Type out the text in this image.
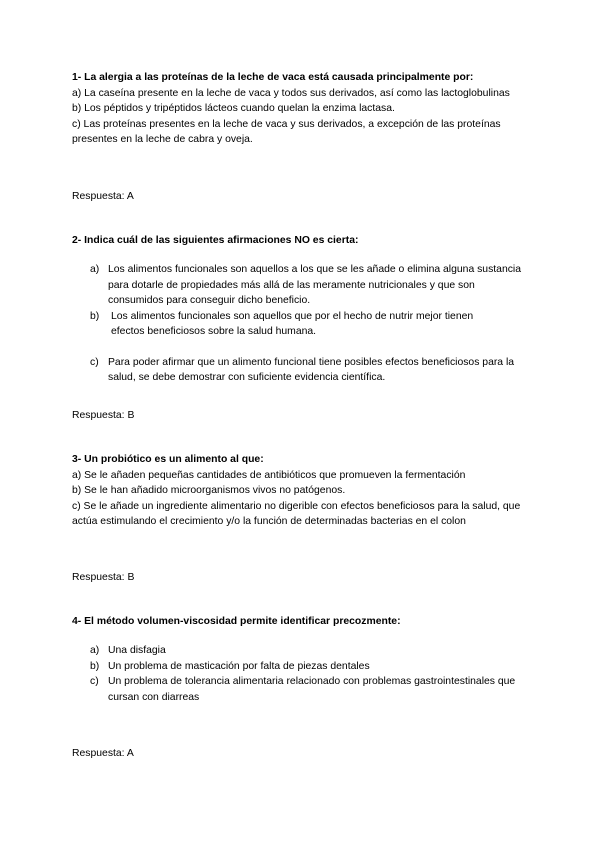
1- La alergia a las proteínas de la leche de vaca está causada principalmente por:

a) La caseína presente en la leche de vaca y todos sus derivados, así como las lactoglobulinas

b) Los péptidos y tripéptidos lácteos cuando quelan la enzima lactasa.

c) Las proteínas presentes en la leche de vaca y sus derivados, a excepción de las proteínas presentes en la leche de cabra y oveja.

Respuesta: A

2- Indica cuál de las siguientes afirmaciones NO es cierta:

a) Los alimentos funcionales son aquellos a los que se les añade o elimina alguna sustancia para dotarle de propiedades más allá de las meramente nutricionales y que son consumidos para conseguir dicho beneficio.
b)	Los alimentos funcionales son aquellos que por el hecho de nutrir mejor tienen efectos beneficiosos sobre la salud humana.
c) Para poder afirmar que un alimento funcional tiene posibles efectos beneficiosos para la salud, se debe demostrar con suficiente evidencia científica.
Respuesta: B

3- Un probiótico es un alimento al que:

a) Se le añaden pequeñas cantidades de antibióticos que promueven la fermentación

b) Se le han añadido microorganismos vivos no patógenos.

c) Se le añade un ingrediente alimentario no digerible con efectos beneficiosos para la salud, que actúa estimulando el crecimiento y/o la función de determinadas bacterias en el colon

Respuesta: B

4- El método volumen-viscosidad permite identificar precozmente:

a) Una disfagia
b) Un problema de masticación por falta de piezas dentales
c) Un problema de tolerancia alimentaria relacionado con problemas gastrointestinales que cursan con diarreas
Respuesta: A
